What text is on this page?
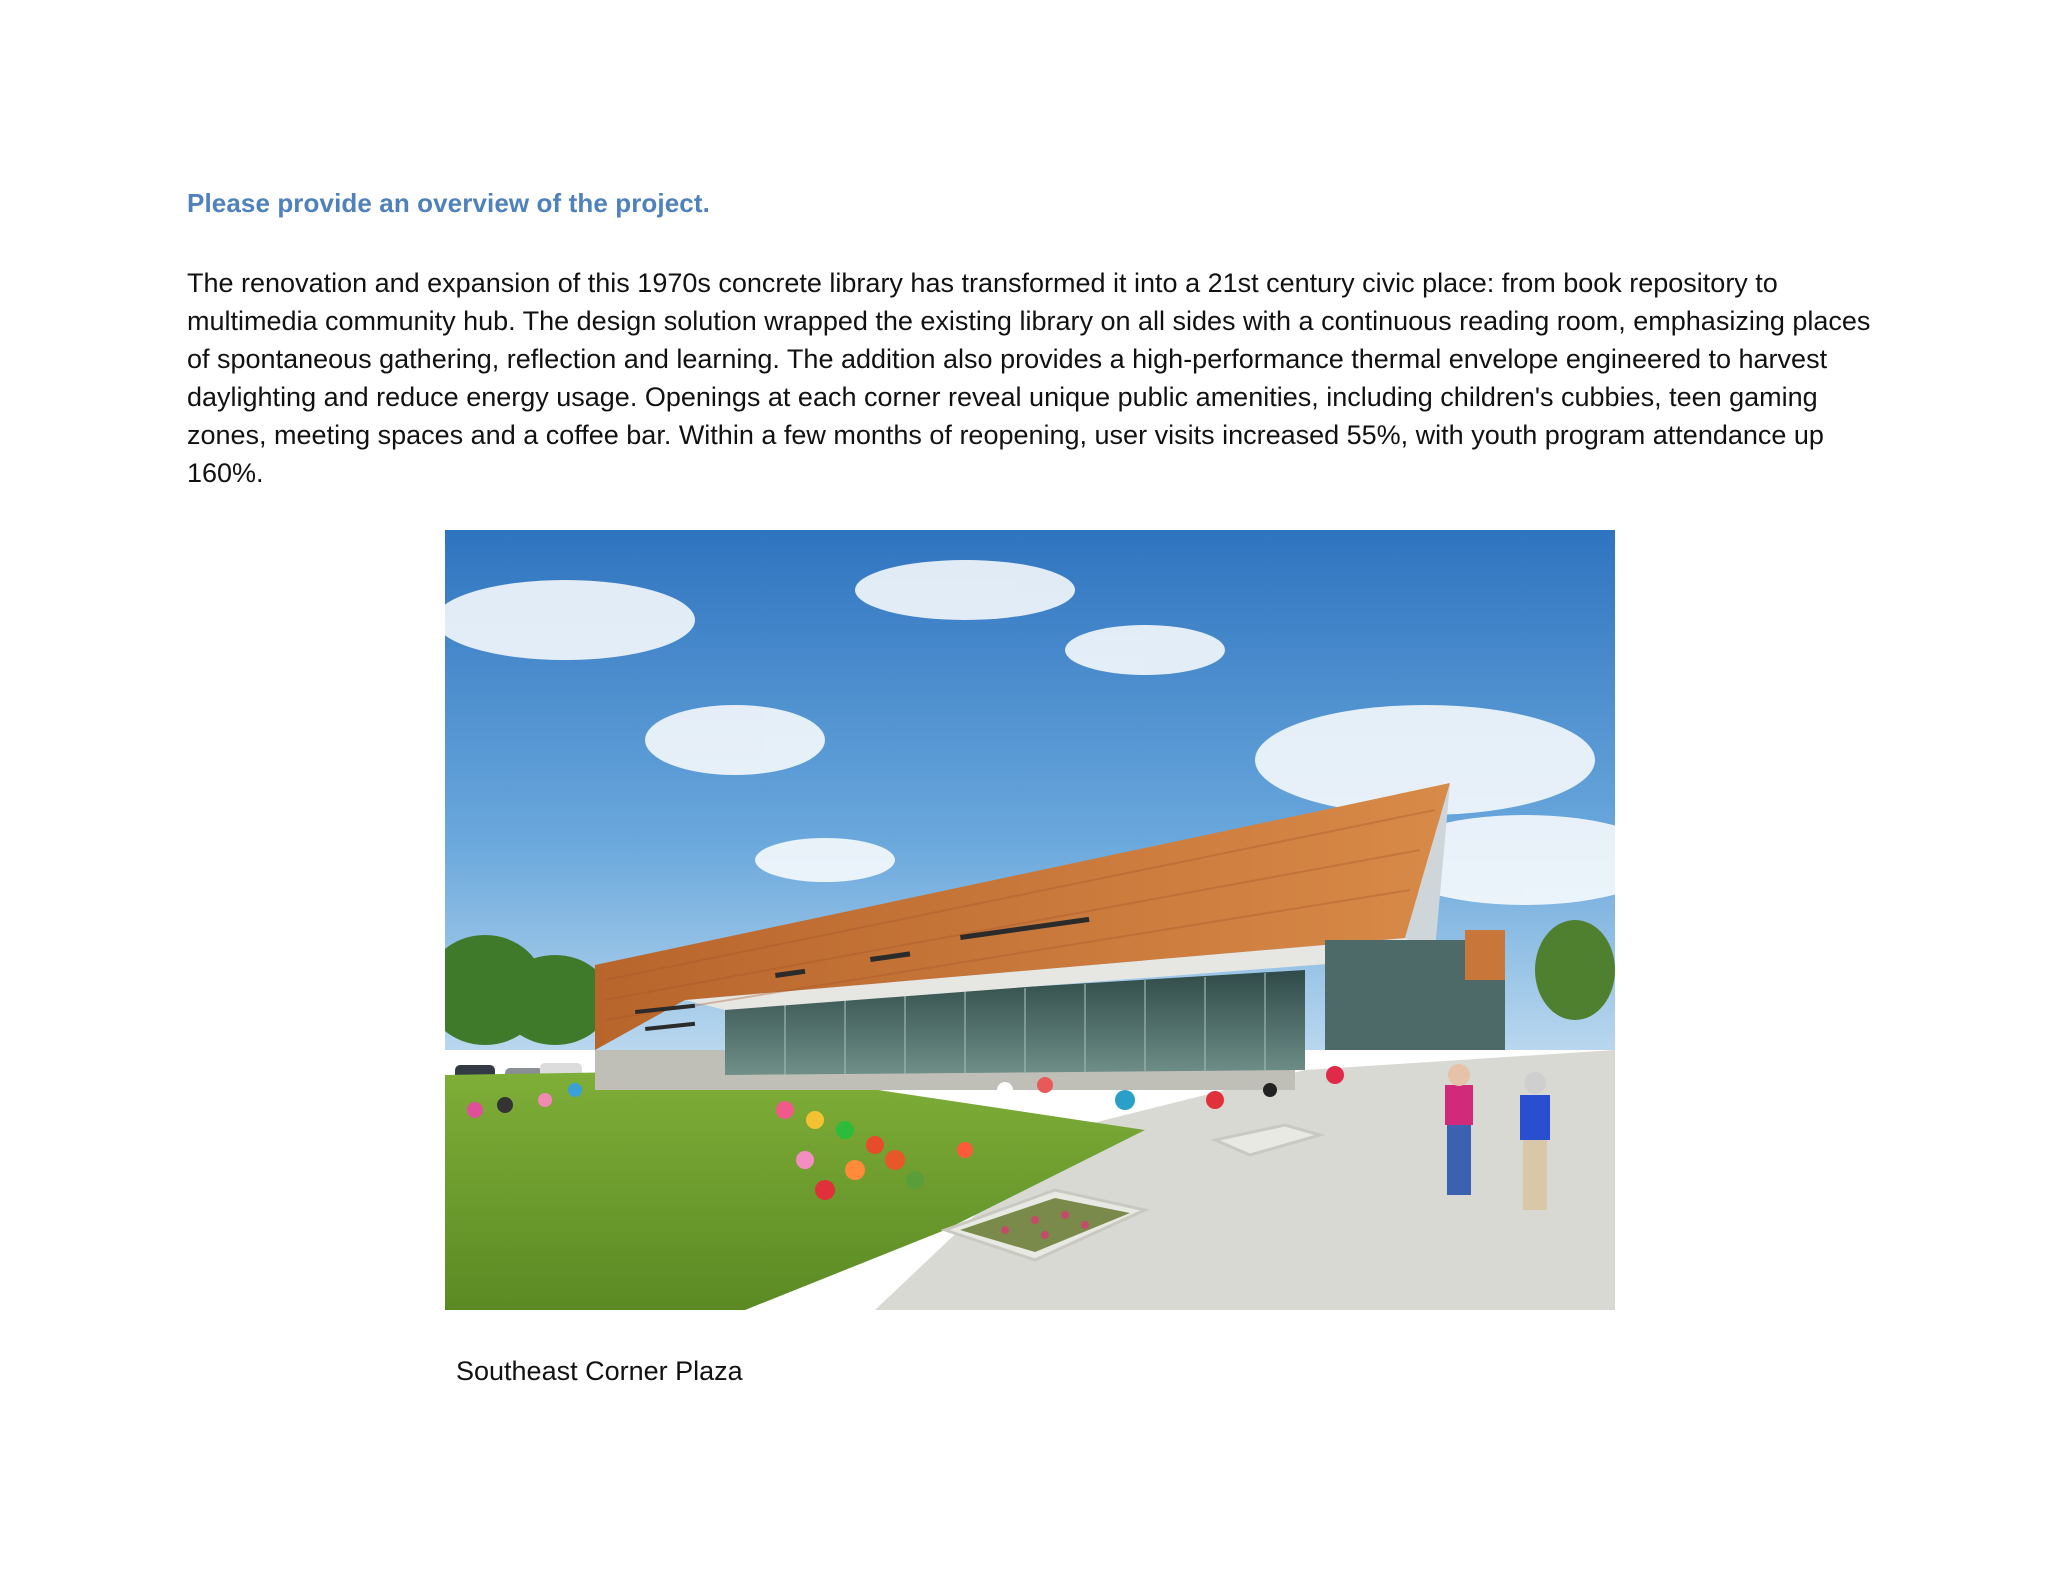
Please provide an overview of the project.

The renovation and expansion of this 1970s concrete library has transformed it into a 21st century civic place: from book repository to multimedia community hub. The design solution wrapped the existing library on all sides with a continuous reading room, emphasizing places of spontaneous gathering, reflection and learning. The addition also provides a high-performance thermal envelope engineered to harvest daylighting and reduce energy usage. Openings at each corner reveal unique public amenities, including children's cubbies, teen gaming zones, meeting spaces and a coffee bar. Within a few months of reopening, user visits increased 55%, with youth program attendance up 160%.

Southeast Corner Plaza
